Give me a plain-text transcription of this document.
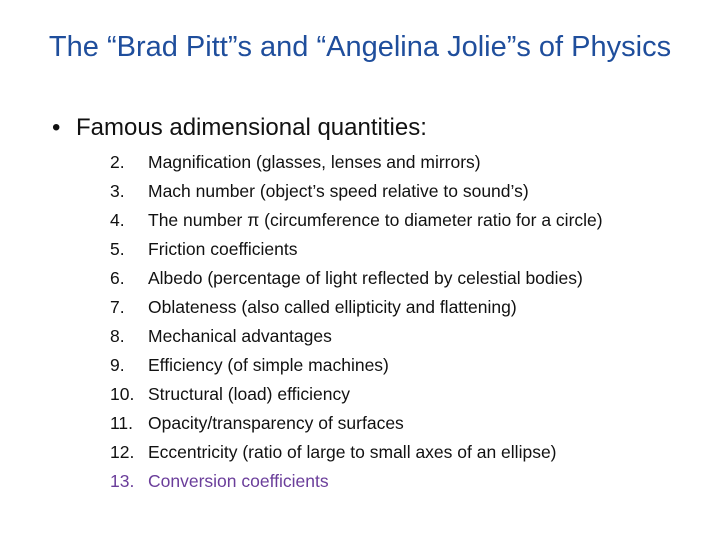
The “Brad Pitt”s and “Angelina Jolie”s of Physics
• Famous adimensional quantities:
2. Magnification (glasses, lenses and mirrors)
3. Mach number (object’s speed relative to sound’s)
4. The number π (circumference to diameter ratio for a circle)
5. Friction coefficients
6. Albedo (percentage of light reflected by celestial bodies)
7. Oblateness (also called ellipticity and flattening)
8. Mechanical advantages
9. Efficiency (of simple machines)
10. Structural (load) efficiency
11. Opacity/transparency of surfaces
12. Eccentricity (ratio of large to small axes of an ellipse)
13. Conversion coefficients
